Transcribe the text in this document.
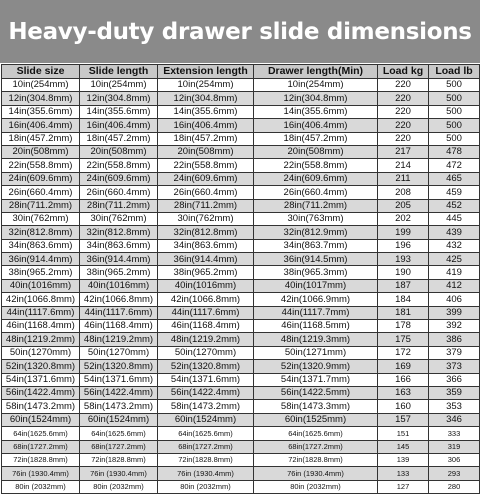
Heavy-duty drawer slide dimensions
Slide size	Slide length	Extension length	Drawer length(Min)	Load kg	Load lb
10in(254mm)	10in(254mm)	10in(254mm)	10in(254mm)	220	500
12in(304.8mm)	12in(304.8mm)	12in(304.8mm)	12in(304.8mm)	220	500
14in(355.6mm)	14in(355.6mm)	14in(355.6mm)	14in(355.6mm)	220	500
16in(406.4mm)	16in(406.4mm)	16in(406.4mm)	16in(406.4mm)	220	500
18in(457.2mm)	18in(457.2mm)	18in(457.2mm)	18in(457.2mm)	220	500
20in(508mm)	20in(508mm)	20in(508mm)	20in(508mm)	217	478
22in(558.8mm)	22in(558.8mm)	22in(558.8mm)	22in(558.8mm)	214	472
24in(609.6mm)	24in(609.6mm)	24in(609.6mm)	24in(609.6mm)	211	465
26in(660.4mm)	26in(660.4mm)	26in(660.4mm)	26in(660.4mm)	208	459
28in(711.2mm)	28in(711.2mm)	28in(711.2mm)	28in(711.2mm)	205	452
30in(762mm)	30in(762mm)	30in(762mm)	30in(763mm)	202	445
32in(812.8mm)	32in(812.8mm)	32in(812.8mm)	32in(812.9mm)	199	439
34in(863.6mm)	34in(863.6mm)	34in(863.6mm)	34in(863.7mm)	196	432
36in(914.4mm)	36in(914.4mm)	36in(914.4mm)	36in(914.5mm)	193	425
38in(965.2mm)	38in(965.2mm)	38in(965.2mm)	38in(965.3mm)	190	419
40in(1016mm)	40in(1016mm)	40in(1016mm)	40in(1017mm)	187	412
42in(1066.8mm)	42in(1066.8mm)	42in(1066.8mm)	42in(1066.9mm)	184	406
44in(1117.6mm)	44in(1117.6mm)	44in(1117.6mm)	44in(1117.7mm)	181	399
46in(1168.4mm)	46in(1168.4mm)	46in(1168.4mm)	46in(1168.5mm)	178	392
48in(1219.2mm)	48in(1219.2mm)	48in(1219.2mm)	48in(1219.3mm)	175	386
50in(1270mm)	50in(1270mm)	50in(1270mm)	50in(1271mm)	172	379
52in(1320.8mm)	52in(1320.8mm)	52in(1320.8mm)	52in(1320.9mm)	169	373
54in(1371.6mm)	54in(1371.6mm)	54in(1371.6mm)	54in(1371.7mm)	166	366
56in(1422.4mm)	56in(1422.4mm)	56in(1422.4mm)	56in(1422.5mm)	163	359
58in(1473.2mm)	58in(1473.2mm)	58in(1473.2mm)	58in(1473.3mm)	160	353
60in(1524mm)	60in(1524mm)	60in(1524mm)	60in(1525mm)	157	346
64in(1625.6mm)	64in(1625.6mm)	64in(1625.6mm)	64in(1625.6mm)	151	333
68in(1727.2mm)	68in(1727.2mm)	68in(1727.2mm)	68in(1727.2mm)	145	319
72in(1828.8mm)	72in(1828.8mm)	72in(1828.8mm)	72in(1828.8mm)	139	306
76in (1930.4mm)	76in (1930.4mm)	76in (1930.4mm)	76in (1930.4mm)	133	293
80in (2032mm)	80in (2032mm)	80in (2032mm)	80in (2032mm)	127	280
